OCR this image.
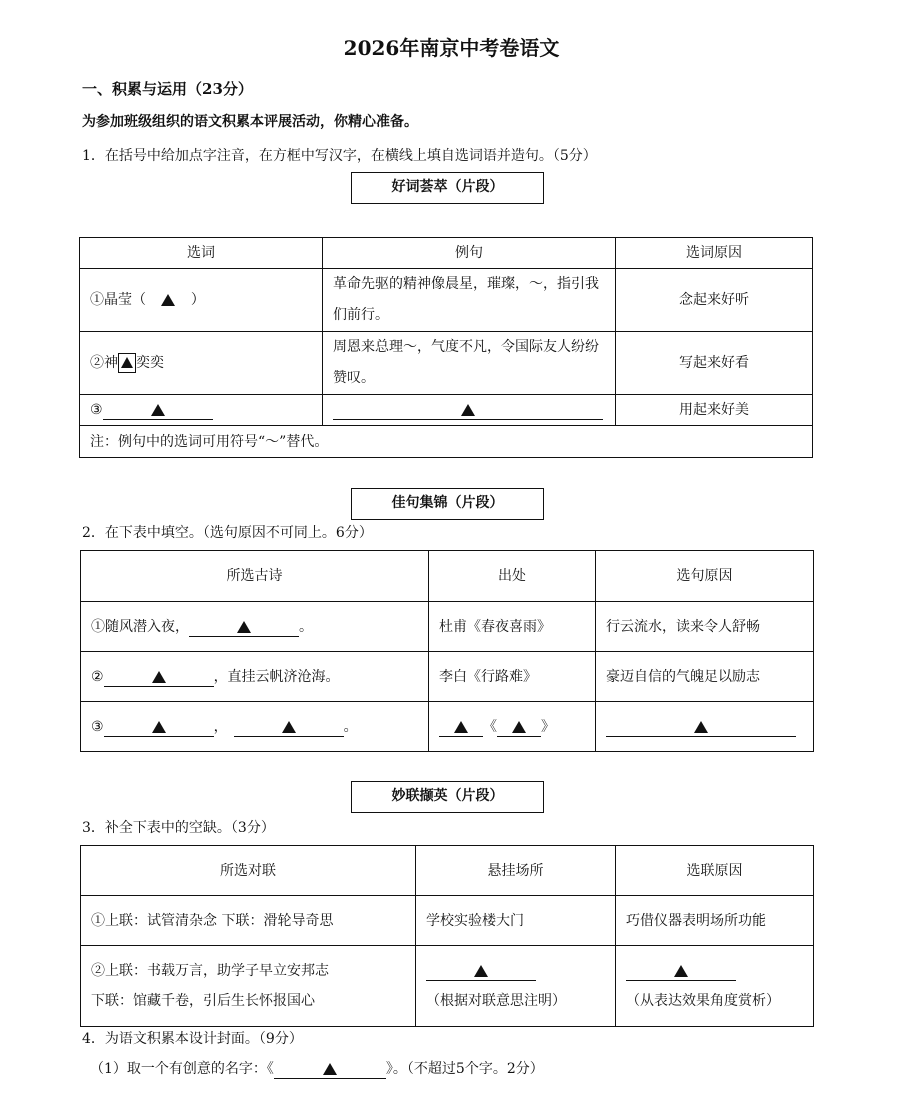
2026年南京中考卷语文
一、积累与运用（23分）
为参加班级组织的语文积累本评展活动，你精心准备。
1．在括号中给加点字注音，在方框中写汉字，在横线上填自选词语并造句。（5分）
好词荟萃（片段）
选词	例句	选词原因
①晶莹（ ）	革命先驱的精神像晨星，璀璨，～，指引我们前行。	念起来好听
②神 奕奕	周恩来总理～，气度不凡，令国际友人纷纷赞叹。	写起来好看
③		用起来好美
注：例句中的选词可用符号“～”替代。		
佳句集锦（片段）
2．在下表中填空。（选句原因不可同上。6分）
所选古诗	出处	选句原因
①随风潜入夜， 。	杜甫《春夜喜雨》	行云流水，读来令人舒畅
② ，直挂云帆济沧海。	李白《行路难》	豪迈自信的气魄足以励志
③ ， 。	《 》	
妙联撷英（片段）
3．补全下表中的空缺。（3分）
所选对联	悬挂场所	选联原因
①上联：试管清杂念 下联：滑轮导奇思	学校实验楼大门	巧借仪器表明场所功能

②上联：书载万言，助学子早立安邦志
下联：馆藏千卷，引后生长怀报国心	（根据对联意思注明）	（从表达效果角度赏析）
4．为语文积累本设计封面。（9分）
（1）取一个有创意的名字：《	》。（不超过5个字。2分）
